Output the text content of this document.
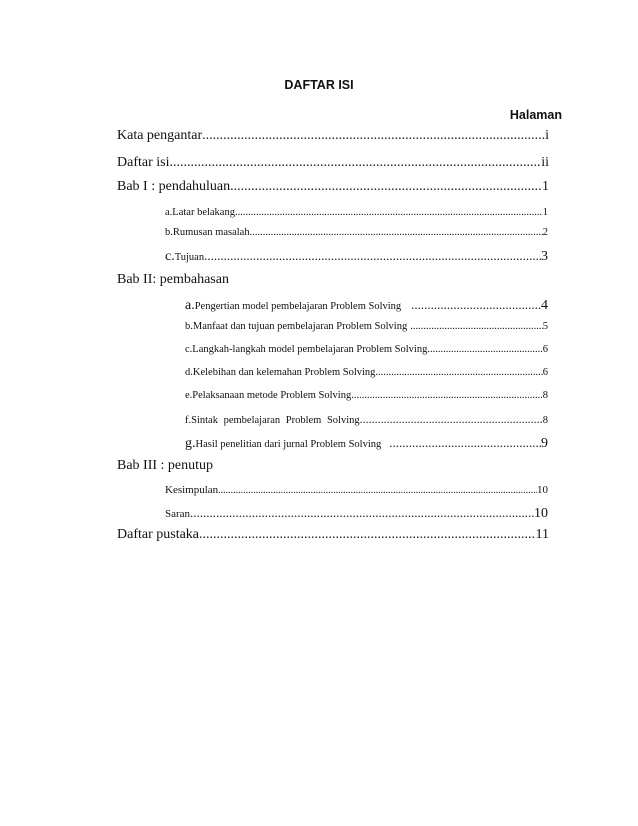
DAFTAR ISI
Halaman
Kata pengantar .....	i
Daftar isi .....	ii
Bab I : pendahuluan .....	1
a. Latar belakang .....	1
b. Rumusan masalah .....	2
c. Tujuan .....	3
Bab II: pembahasan
a. Pengertian model pembelajaran Problem Solving .....	4
b. Manfaat dan tujuan pembelajaran Problem Solving .....	5
c. Langkah-langkah model pembelajaran Problem Solving .....	6
d. Kelebihan dan kelemahan Problem Solving .....	6
e. Pelaksanaan metode Problem Solving .....	8
f. Sintak pembelajaran Problem Solving .....	8
g. Hasil penelitian dari jurnal Problem Solving .....	9
Bab III : penutup
Kesimpulan .....	10
Saran .....	10
Daftar pustaka .....	11
